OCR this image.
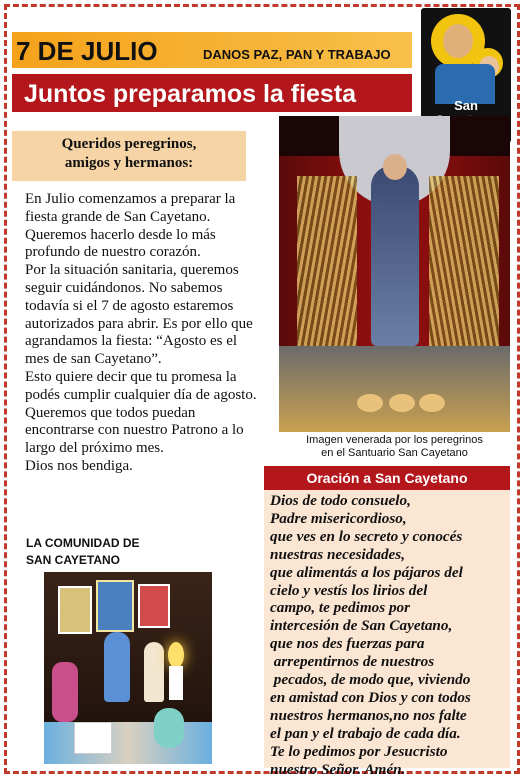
7 DE JULIO	DANOS PAZ, PAN Y TRABAJO
Juntos preparamos la fiesta	San
Queridos peregrinos,
amigos y hermanos:

En Julio comenzamos a preparar la fiesta grande de San Cayetano. Queremos hacerlo desde lo más profundo de nuestro corazón.

Por la situación sanitaria, queremos seguir cuidándonos. No sabemos todavía si el 7 de agosto estaremos autorizados para abrir. Es por ello que agrandamos la fiesta: “Agosto es el mes de san Cayetano”.

Esto quiere decir que tu promesa la podés cumplir cualquier día de agosto.

Queremos que todos puedan encontrarse con nuestro Patrono a lo largo del próximo mes.

Dios nos bendiga.

LA COMUNIDAD DE
SAN CAYETANO
Imagen venerada por los peregrinos
en el Santuario San Cayetano
Oración a San Cayetano
Dios de todo consuelo,
Padre misericordioso,
que ves en lo secreto y conocés
nuestras necesidades,
que alimentás a los pájaros del
cielo y vestís los lirios del
campo, te pedimos por
intercesión de San Cayetano,
que nos des fuerzas para
arrepentirnos de nuestros
pecados, de modo que, viviendo
en amistad con Dios y con todos
nuestros hermanos,no nos falte
el pan y el trabajo de cada día.
Te lo pedimos por Jesucristo
nuestro Señor. Amén.
